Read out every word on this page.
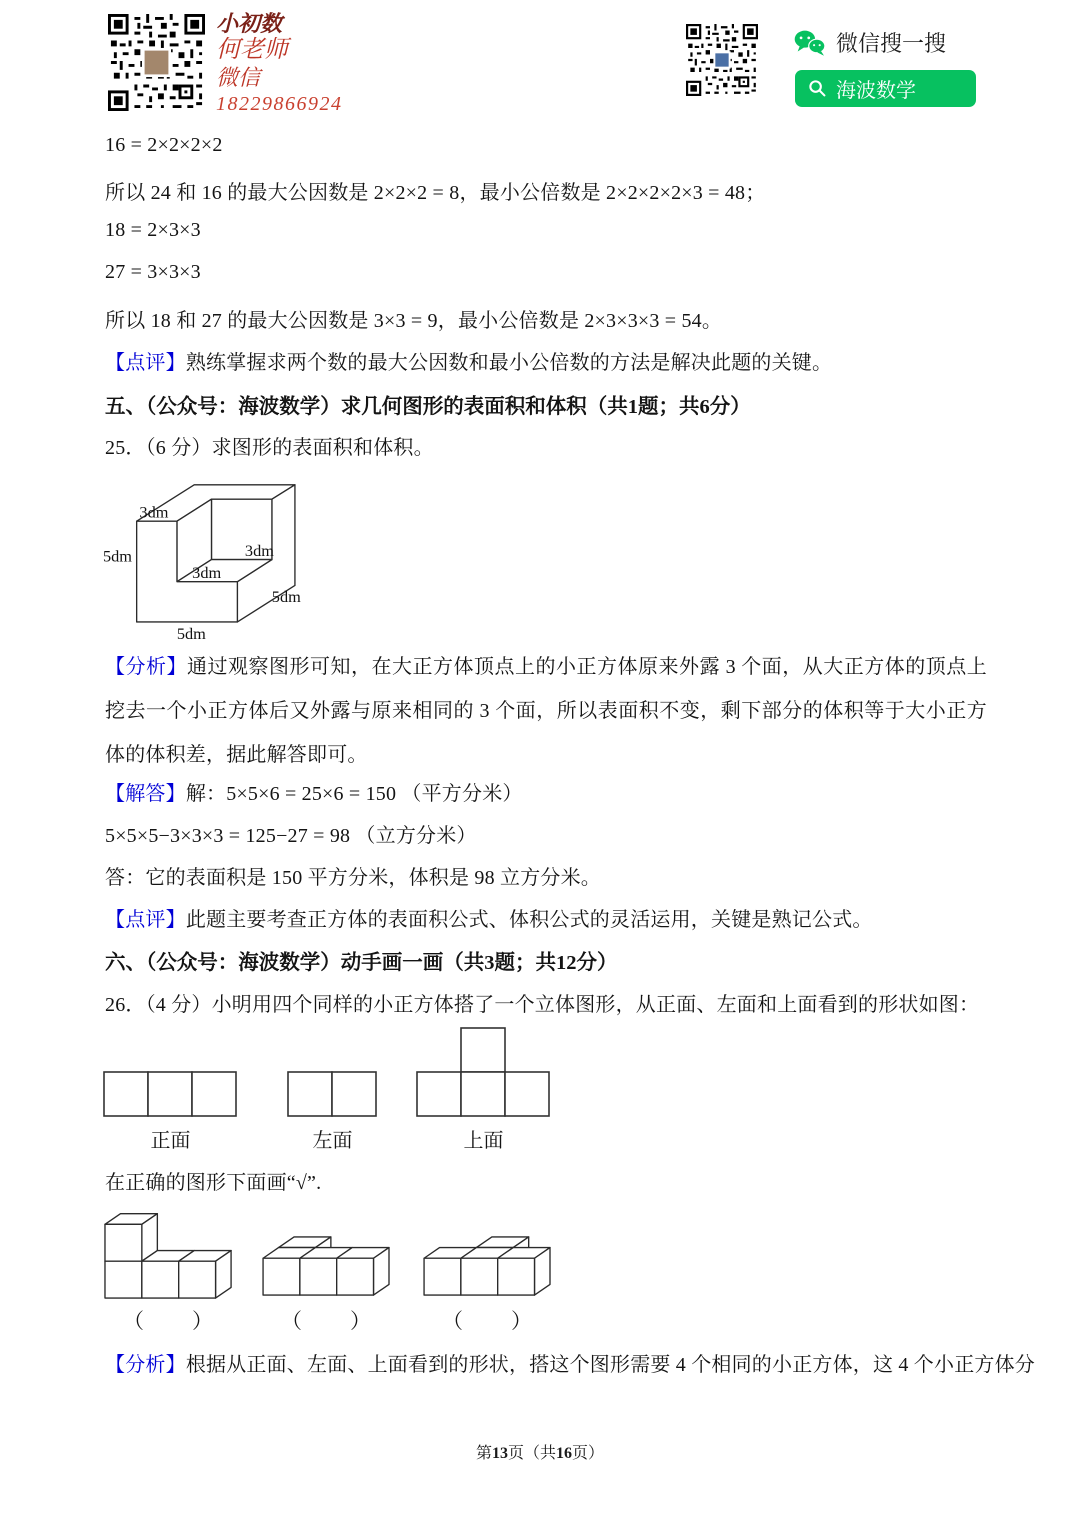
小初数
何老师
微信
18229866924
微信搜一搜
海波数学
16 = 2×2×2×2
所以 24 和 16 的最大公因数是 2×2×2 = 8，最小公倍数是 2×2×2×2×3 = 48；
18 = 2×3×3
27 = 3×3×3
所以 18 和 27 的最大公因数是 3×3 = 9，最小公倍数是 2×3×3×3 = 54。
【点评】熟练掌握求两个数的最大公因数和最小公倍数的方法是解决此题的关键。
五、（公众号：海波数学）求几何图形的表面积和体积（共1题；共6分）
25．（6 分）求图形的表面积和体积。
3dm
5dm
3dm
3dm
5dm
5dm
【分析】通过观察图形可知，在大正方体顶点上的小正方体原来外露 3 个面，从大正方体的顶点上挖去一个小正方体后又外露与原来相同的 3 个面，所以表面积不变，剩下部分的体积等于大小正方体的体积差，据此解答即可。
【解答】解：5×5×6 = 25×6 = 150 （平方分米）
5×5×5−3×3×3 = 125−27 = 98 （立方分米）
答：它的表面积是 150 平方分米，体积是 98 立方分米。
【点评】此题主要考查正方体的表面积公式、体积公式的灵活运用，关键是熟记公式。
六、（公众号：海波数学）动手画一画（共3题；共12分）
26．（4 分）小明用四个同样的小正方体搭了一个立体图形，从正面、左面和上面看到的形状如图：
正面	左面	上面
在正确的图形下面画“√”.
（　　）	（　　）	（　　）
【分析】根据从正面、左面、上面看到的形状，搭这个图形需要 4 个相同的小正方体，这 4 个小正方体分
第13页（共16页）
